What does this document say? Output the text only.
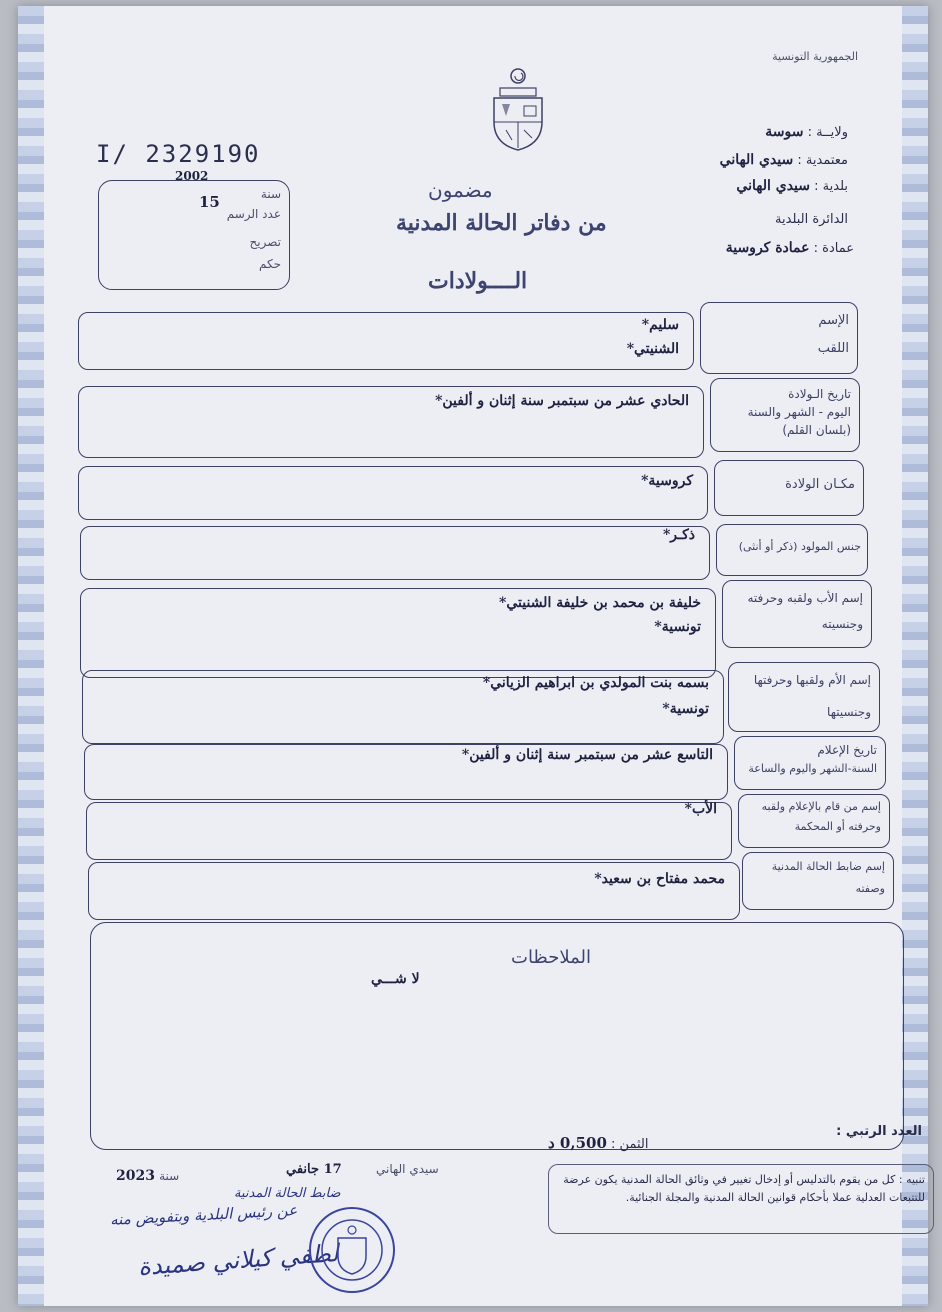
الجمهورية التونسية
ولايــة : سوسة
معتمدية : سيدي الهاني
بلدية : سيدي الهاني
الدائرة البلدية
عمادة : عمادة كروسية
I/ 2329190
سنة
2002
عدد الرسم
15
تصريح
حكم
مضمون
من دفاتر الحالة المدنية
الــــولادات
الإسم
اللقب
سليم*
الشنيتي*
تاريخ الـولادة
اليوم - الشهر والسنة
(بلسان القلم)
الحادي عشر من سبتمبر سنة إثنان و ألفين*
مكـان الولادة
كروسية*
جنس المولود (ذكر أو أنثى)
ذكـر*
إسم الأب ولقبه وحرفته
وجنسيته
خليفة بن محمد بن خليفة الشنيتي*
تونسية*
إسم الأم ولقبها وحرفتها
وجنسيتها
بسمه بنت المولدي بن ابراهيم الزياني*
تونسية*
تاريخ الإعلام
السنة-الشهر واليوم والساعة
التاسع عشر من سبتمبر سنة إثنان و ألفين*
إسم من قام بالإعلام ولقبه
وحرفته أو المحكمة
الأب*
إسم ضابط الحالة المدنية
وصفته
محمد مفتاح بن سعيد*
الملاحظات
لا شـــي
العدد الرتبي :
الثمن : 0,500 د
سيدي الهاني
17 جانفي
2023 سنة
ضابط الحالة المدنية
عن رئيس البلدية وبتفويض منه
لطفي كيلاني صميدة
تنبيه : كل من يقوم بالتدليس أو إدخال تغيير في وثائق الحالة المدنية يكون عرضة للتتبعات العدلية عملا بأحكام قوانين الحالة المدنية والمجلة الجنائية.
